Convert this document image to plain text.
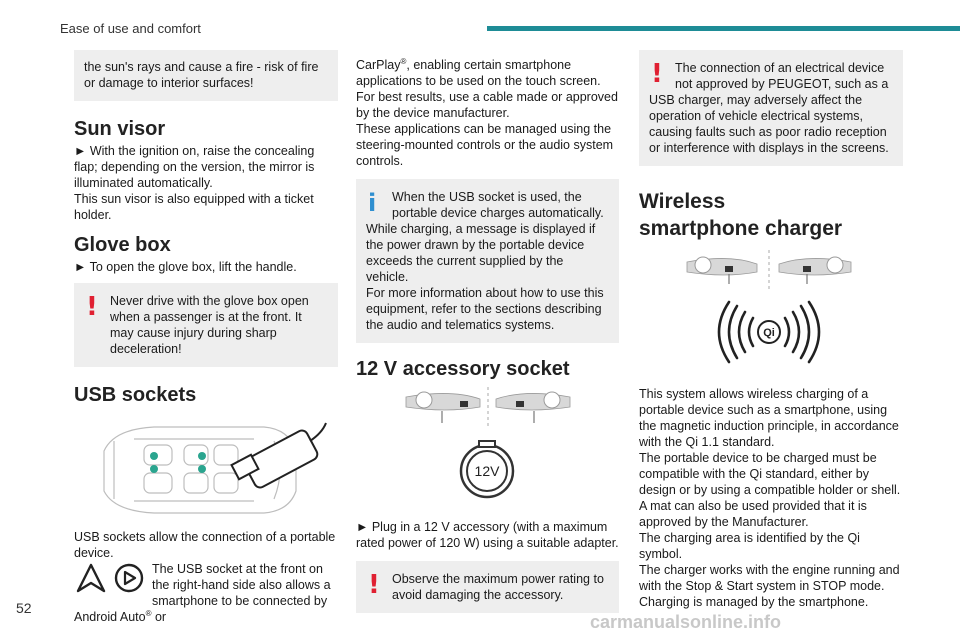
Ease of use and comfort
52

the sun's rays and cause a fire - risk of fire or damage to interior surfaces!

Sun visor

► With the ignition on, raise the concealing flap; depending on the version, the mirror is illuminated automatically.

This sun visor is also equipped with a ticket holder.

Glove box

► To open the glove box, lift the handle.

! Never drive with the glove box open when a passenger is at the front. It may cause injury during sharp deceleration!

USB sockets

USB sockets allow the connection of a portable device.

The USB socket at the front on the right-hand side also allows a smartphone to be connected by Android Auto® or

CarPlay®, enabling certain smartphone applications to be used on the touch screen.

For best results, use a cable made or approved by the device manufacturer.

These applications can be managed using the steering-mounted controls or the audio system controls.

i	When the USB socket is used, the portable device charges automatically.

While charging, a message is displayed if the power drawn by the portable device exceeds the current supplied by the vehicle.

For more information about how to use this equipment, refer to the sections describing the audio and telematics systems.

12 V accessory socket
12V

► Plug in a 12 V accessory (with a maximum rated power of 120 W) using a suitable adapter.

! Observe the maximum power rating to avoid damaging the accessory.

! The connection of an electrical device not approved by PEUGEOT, such as a

USB charger, may adversely affect the operation of vehicle electrical systems, causing faults such as poor radio reception or interference with displays in the screens.

Wireless smartphone charger
Qi

This system allows wireless charging of a portable device such as a smartphone, using the magnetic induction principle, in accordance with the Qi 1.1 standard.

The portable device to be charged must be compatible with the Qi standard, either by design or by using a compatible holder or shell.

A mat can also be used provided that it is approved by the Manufacturer.

The charging area is identified by the Qi symbol.

The charger works with the engine running and with the Stop & Start system in STOP mode.

Charging is managed by the smartphone.

carmanualsonline.info
